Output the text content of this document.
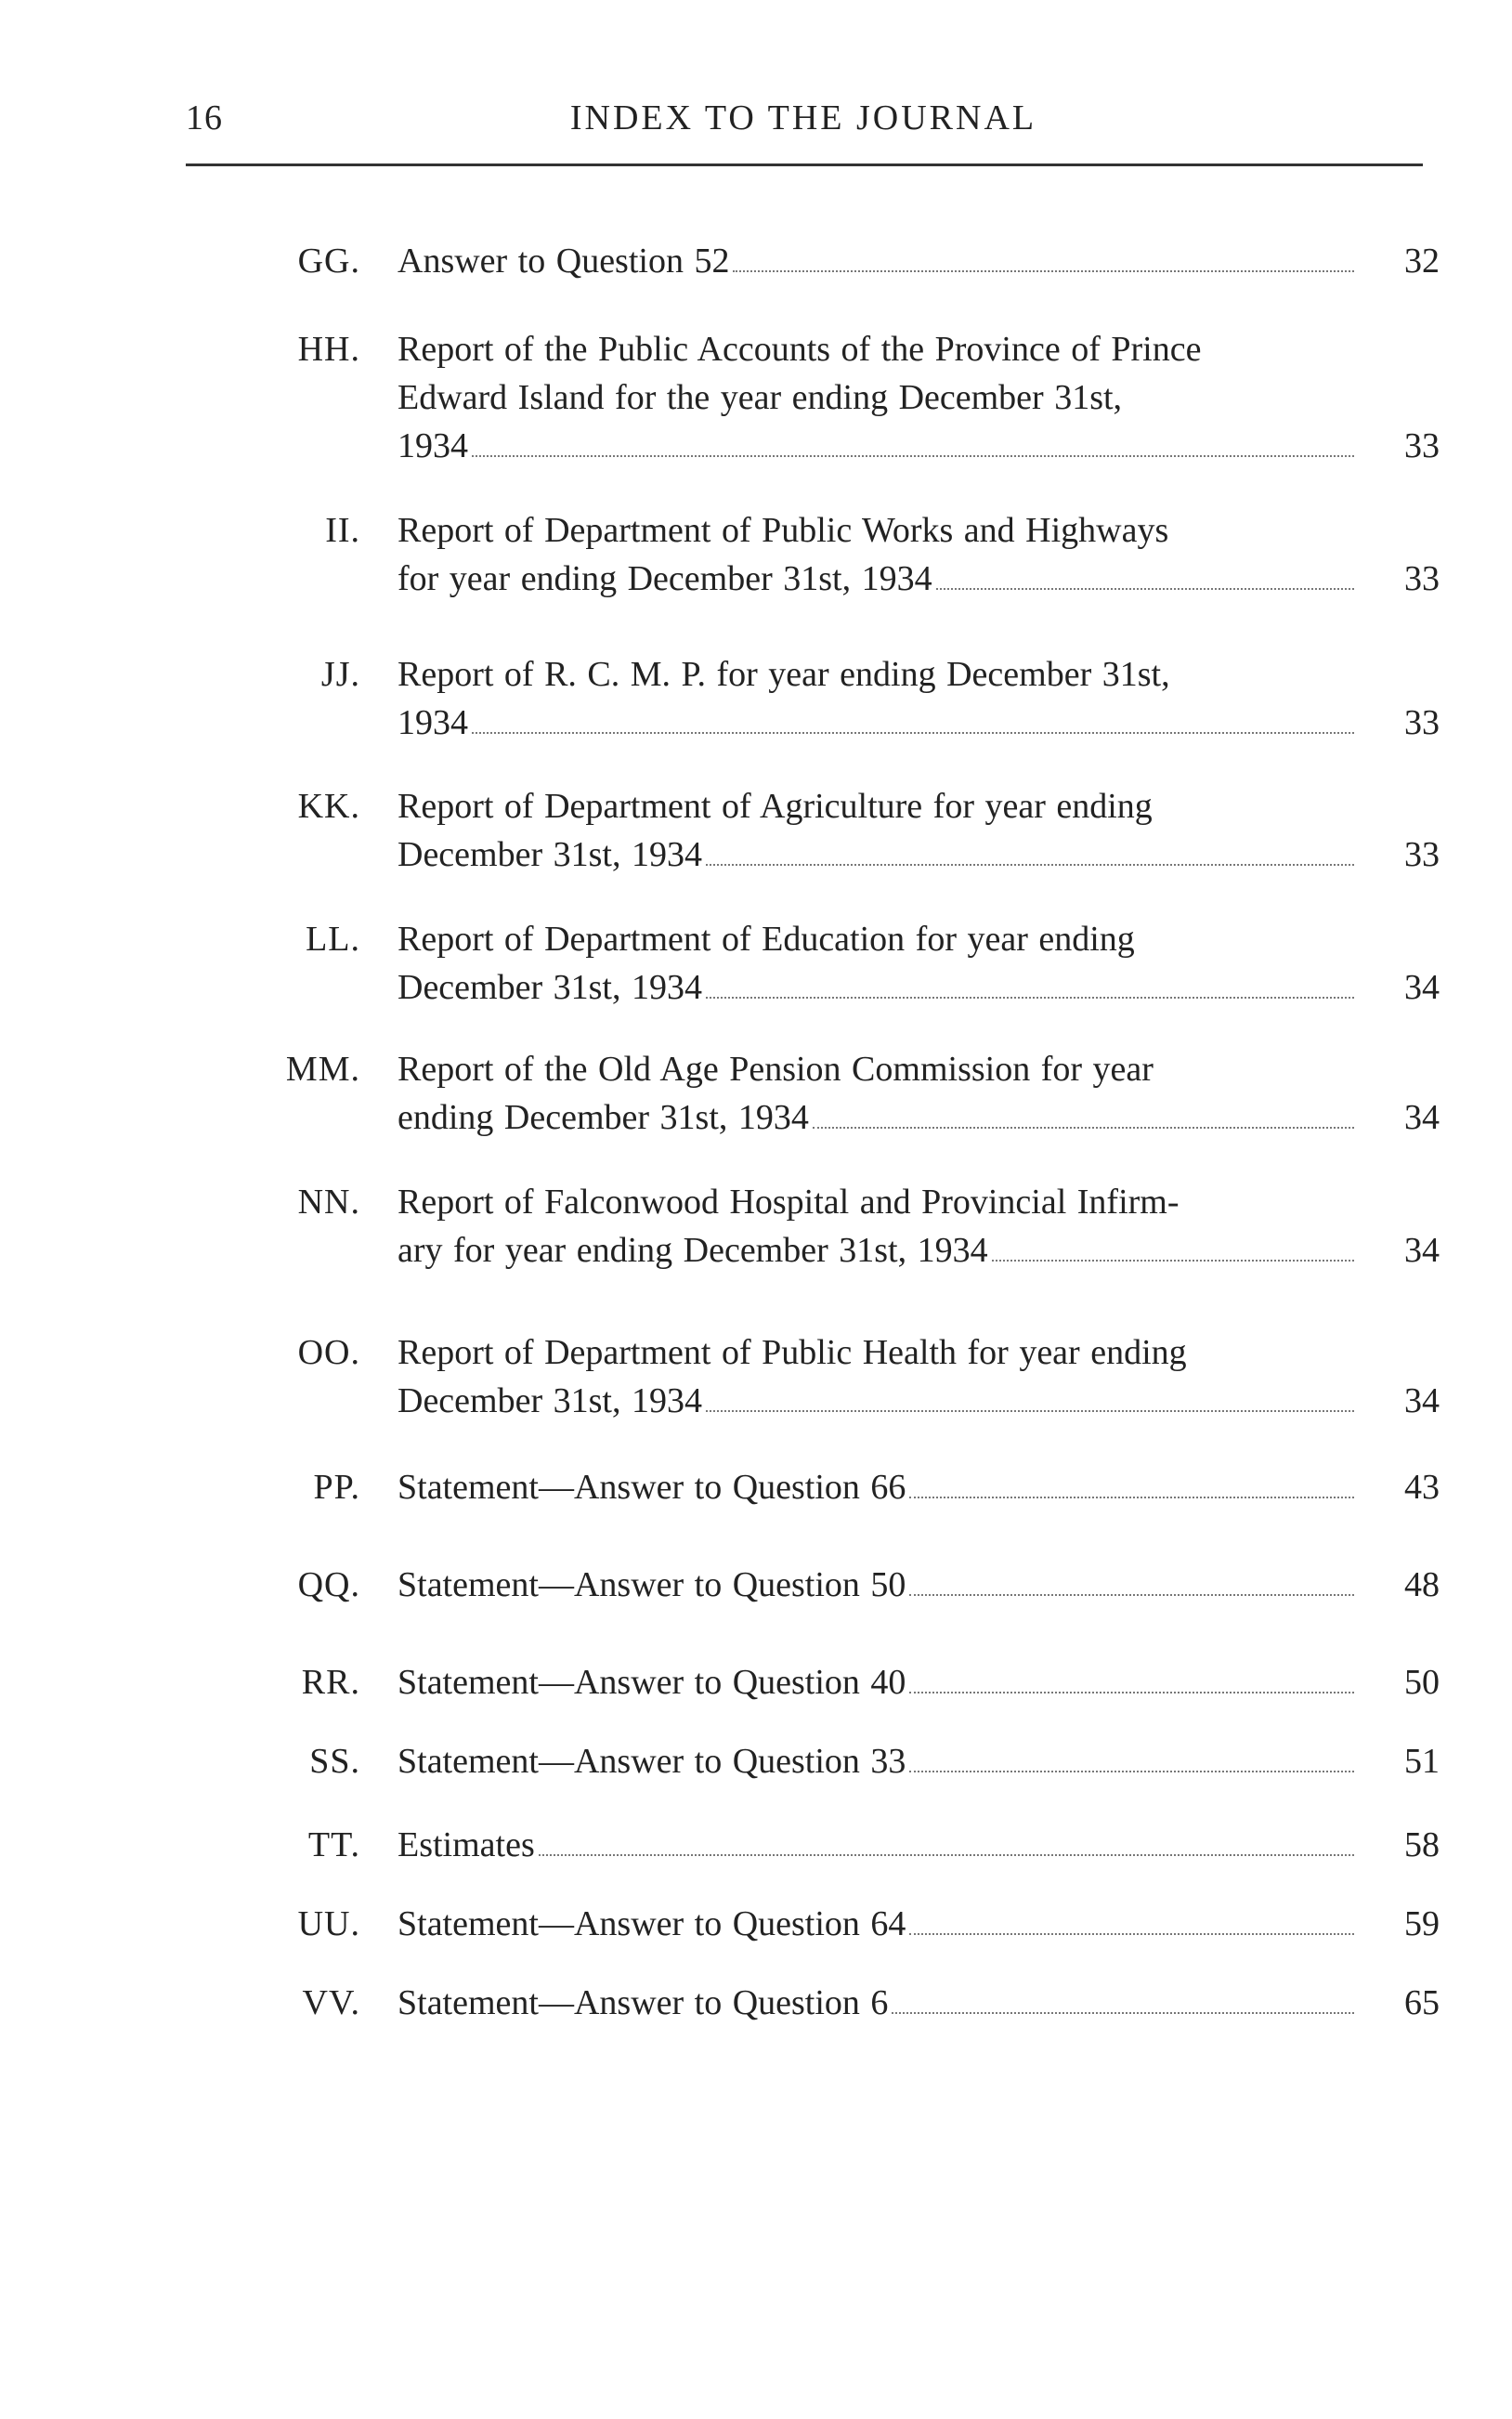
16	INDEX TO THE JOURNAL
GG. Answer to Question 52	32
HH. Report of the Public Accounts of the Province of Prince
Edward Island for the year ending December 31st,
1934	33
II. Report of Department of Public Works and Highways
for year ending December 31st, 1934	33
JJ. Report of R. C. M. P. for year ending December 31st,
1934	33
KK. Report of Department of Agriculture for year ending
December 31st, 1934	33
LL. Report of Department of Education for year ending
December 31st, 1934	34
MM. Report of the Old Age Pension Commission for year
ending December 31st, 1934	34
NN. Report of Falconwood Hospital and Provincial Infirm-
ary for year ending December 31st, 1934	34
OO. Report of Department of Public Health for year ending
December 31st, 1934	34
PP. Statement—Answer to Question 66	43
QQ. Statement—Answer to Question 50	48
RR. Statement—Answer to Question 40	50
SS. Statement—Answer to Question 33	51
TT. Estimates	58
UU. Statement—Answer to Question 64	59
VV. Statement—Answer to Question 6	65
